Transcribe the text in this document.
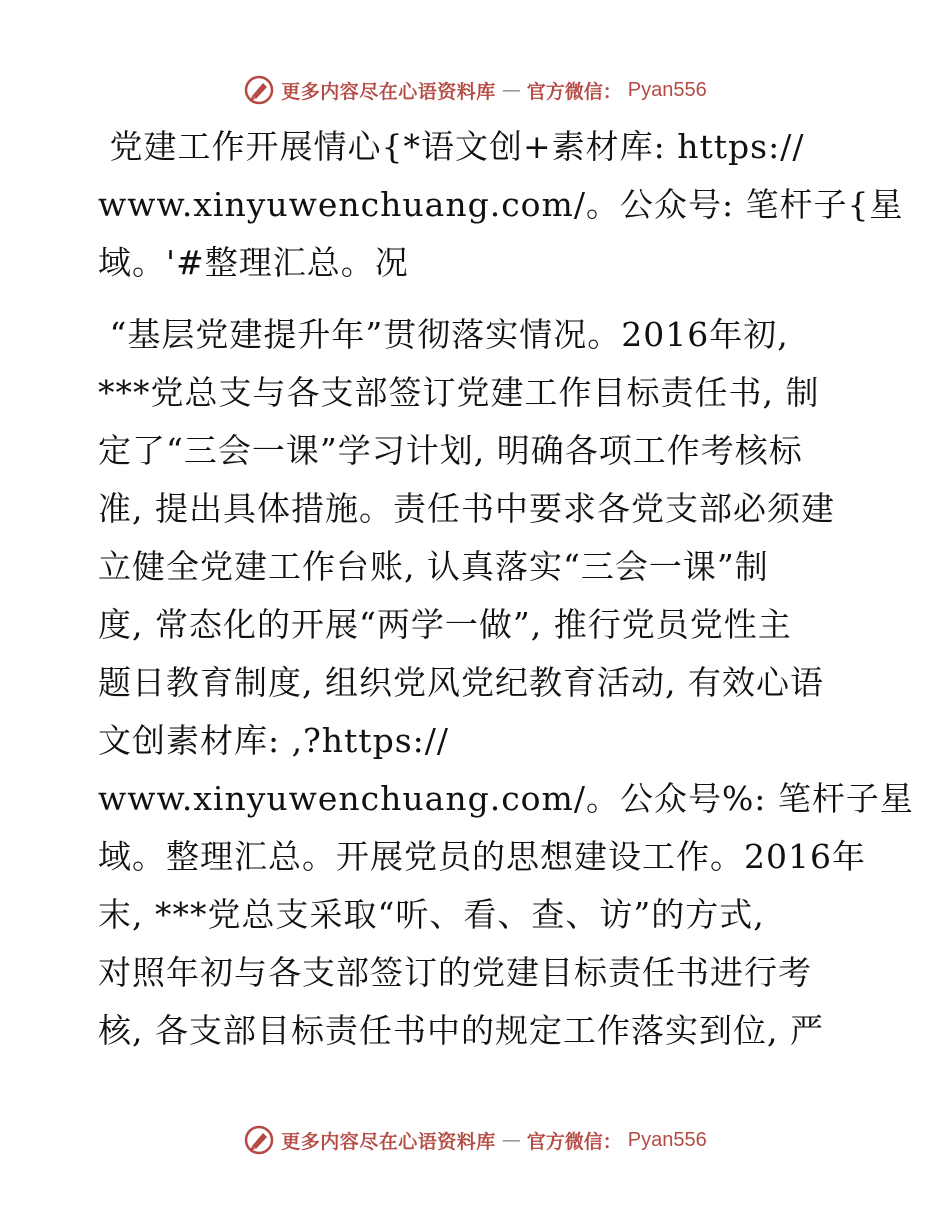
更多内容尽在心语资料库 — 官方微信： Pyan556
党建工作开展情心{*语文创+素材库: https://
www.xinyuwenchuang.com/。公众号: 笔杆子{星
域。'#整理汇总。况
“基层党建提升年”贯彻落实情况。2016年初,
***党总支与各支部签订党建工作目标责任书, 制
定了“三会一课”学习计划, 明确各项工作考核标
准, 提出具体措施。责任书中要求各党支部必须建
立健全党建工作台账, 认真落实“三会一课”制
度, 常态化的开展“两学一做”, 推行党员党性主
题日教育制度, 组织党风党纪教育活动, 有效心语
文创素材库: ,?https://
www.xinyuwenchuang.com/。公众号%: 笔杆子星
域。整理汇总。开展党员的思想建设工作。2016年
末, ***党总支采取“听、看、查、访”的方式,
对照年初与各支部签订的党建目标责任书进行考
核, 各支部目标责任书中的规定工作落实到位, 严
更多内容尽在心语资料库 — 官方微信： Pyan556
